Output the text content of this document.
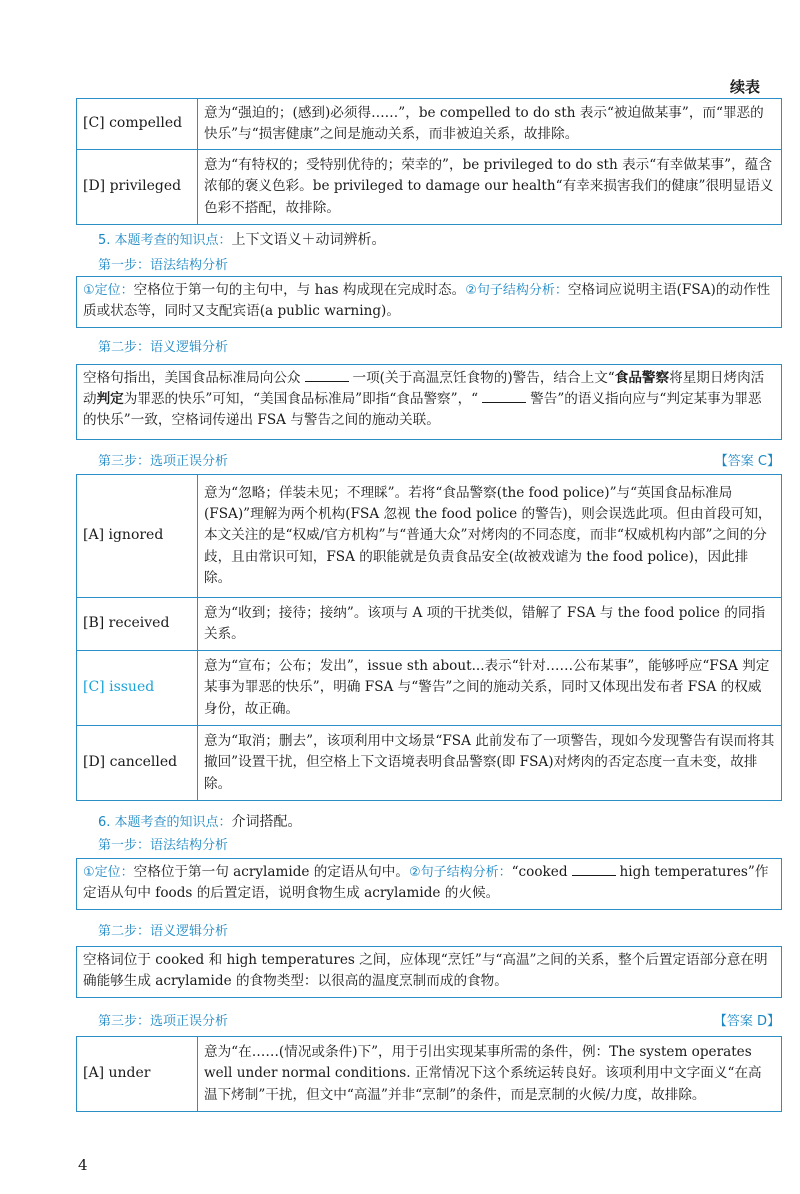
续表
[C] compelled	意为“强迫的；(感到)必须得……”，be compelled to do sth 表示“被迫做某事”，而“罪恶的快乐”与“损害健康”之间是施动关系，而非被迫关系，故排除。
[D] privileged	意为“有特权的；受特别优待的；荣幸的”，be privileged to do sth 表示“有幸做某事”，蕴含浓郁的褒义色彩。be privileged to damage our health“有幸来损害我们的健康”很明显语义色彩不搭配，故排除。
5. 本题考查的知识点：上下文语义＋动词辨析。
第一步：语法结构分析
①定位：空格位于第一句的主句中，与 has 构成现在完成时态。②句子结构分析：空格词应说明主语(FSA)的动作性质或状态等，同时又支配宾语(a public warning)。
第二步：语义逻辑分析
空格句指出，美国食品标准局向公众	一项(关于高温烹饪食物的)警告，结合上文“食品警察将星期日烤肉活动判定为罪恶的快乐”可知，“美国食品标准局”即指“食品警察”，“	警告”的语义指向应与“判定某事为罪恶的快乐”一致，空格词传递出 FSA 与警告之间的施动关联。
第三步：选项正误分析	【答案 C】
[A] ignored	意为“忽略；佯装未见；不理睬”。若将“食品警察(the food police)”与“英国食品标准局(FSA)”理解为两个机构(FSA 忽视 the food police 的警告)，则会误选此项。但由首段可知，本文关注的是“权威/官方机构”与“普通大众”对烤肉的不同态度，而非“权威机构内部”之间的分歧，且由常识可知，FSA 的职能就是负责食品安全(故被戏谑为 the food police)，因此排除。
[B] received	意为“收到；接待；接纳”。该项与 A 项的干扰类似，错解了 FSA 与 the food police 的同指关系。
[C] issued	意为“宣布；公布；发出”，issue sth about...表示“针对……公布某事”，能够呼应“FSA 判定某事为罪恶的快乐”，明确 FSA 与“警告”之间的施动关系，同时又体现出发布者 FSA 的权威身份，故正确。
[D] cancelled	意为“取消；删去”，该项利用中文场景“FSA 此前发布了一项警告，现如今发现警告有误而将其撤回”设置干扰，但空格上下文语境表明食品警察(即 FSA)对烤肉的否定态度一直未变，故排除。
6. 本题考查的知识点：介词搭配。
第一步：语法结构分析
①定位：空格位于第一句 acrylamide 的定语从句中。②句子结构分析：“cooked	high temperatures”作定语从句中 foods 的后置定语，说明食物生成 acrylamide 的火候。
第二步：语义逻辑分析
空格词位于 cooked 和 high temperatures 之间，应体现“烹饪”与“高温”之间的关系，整个后置定语部分意在明确能够生成 acrylamide 的食物类型：以很高的温度烹制而成的食物。
第三步：选项正误分析	【答案 D】
[A] under	意为“在……(情况或条件)下”，用于引出实现某事所需的条件，例：The system operates well under normal conditions. 正常情况下这个系统运转良好。该项利用中文字面义“在高温下烤制”干扰，但文中“高温”并非“烹制”的条件，而是烹制的火候/力度，故排除。
4
